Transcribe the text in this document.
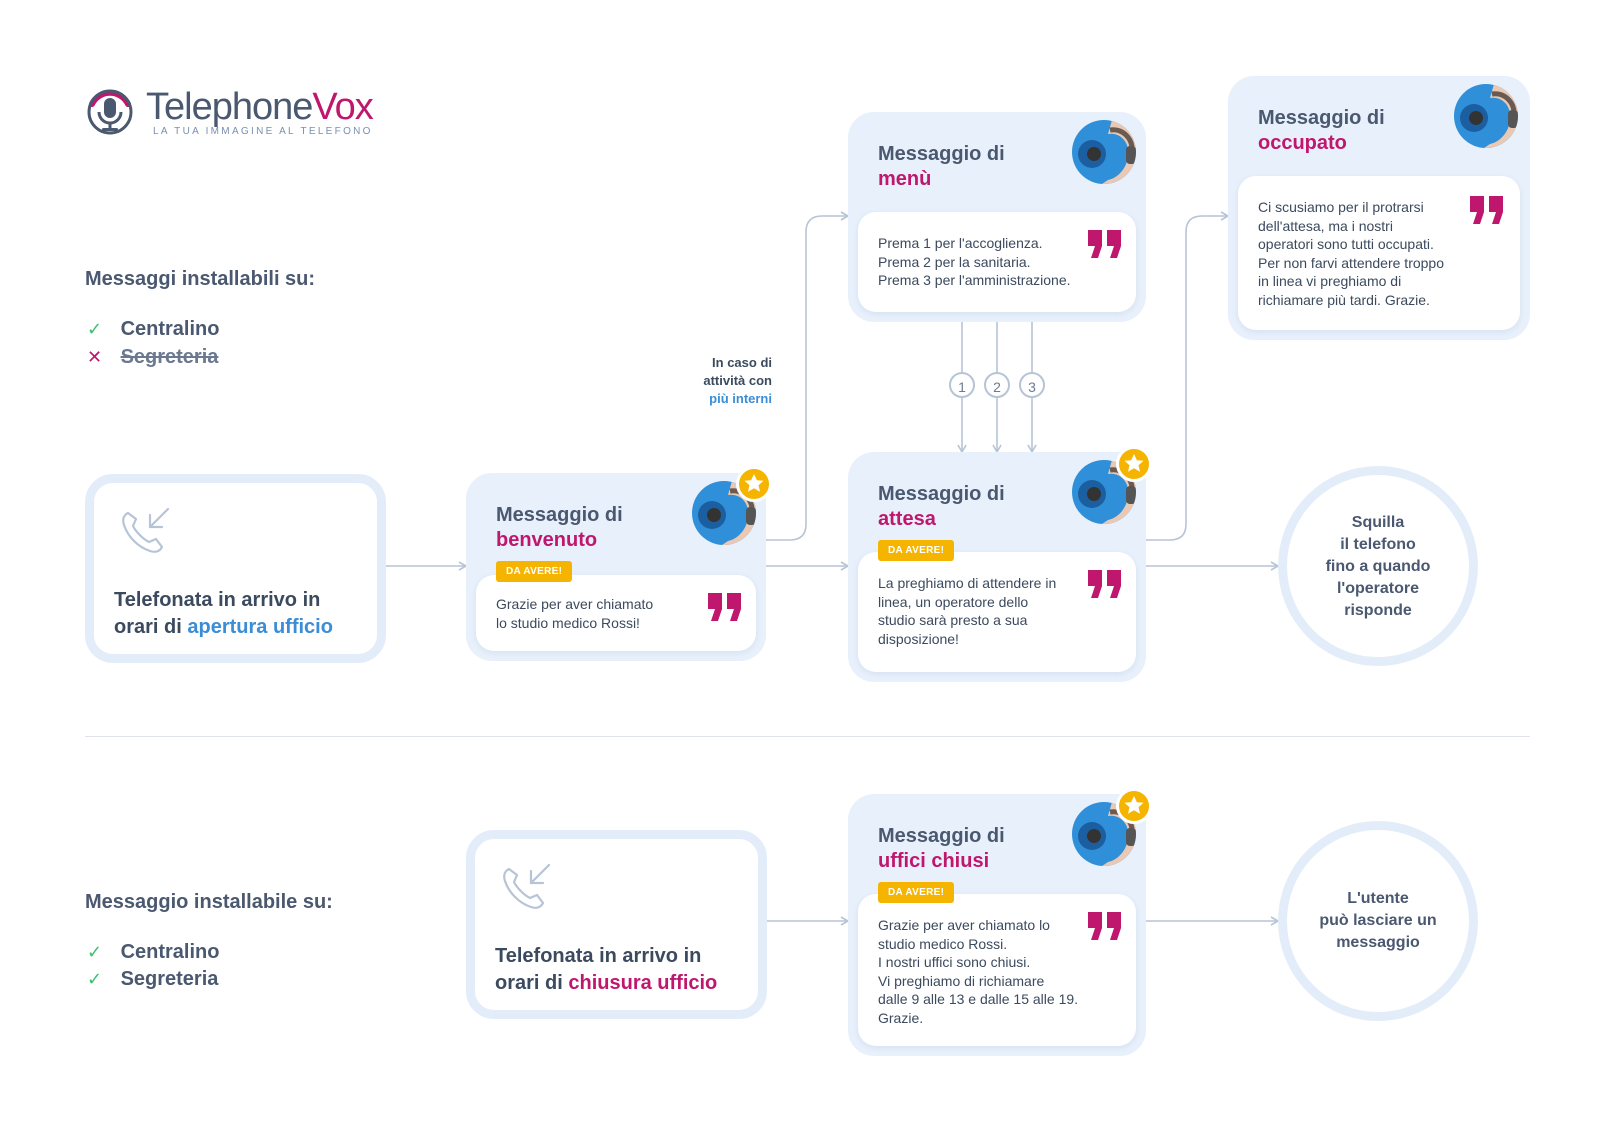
TelephoneVox
LA TUA IMMAGINE AL TELEFONO
Messaggi installabili su:
✓ Centralino
✕ Segreteria
Messaggio installabile su:
✓ Centralino
✓ Segreteria
Telefonata in arrivo in
orari di apertura ufficio
Telefonata in arrivo in
orari di chiusura ufficio
In caso di
attività con
più interni
Messaggio di
benvenuto
DA AVERE!
Grazie per aver chiamato
lo studio medico Rossi!
Messaggio di
menù
Prema 1 per l'accoglienza.
Prema 2 per la sanitaria.
Prema 3 per l'amministrazione.
Messaggio di
attesa
DA AVERE!
La preghiamo di attendere in
linea, un operatore dello
studio sarà presto a sua
disposizione!
Messaggio di
occupato
Ci scusiamo per il protrarsi
dell'attesa, ma i nostri
operatori sono tutti occupati.
Per non farvi attendere troppo
in linea vi preghiamo di
richiamare più tardi. Grazie.
Messaggio di
uffici chiusi
DA AVERE!
Grazie per aver chiamato lo
studio medico Rossi.
I nostri uffici sono chiusi.
Vi preghiamo di richiamare
dalle 9 alle 13 e dalle 15 alle 19.
Grazie.
1	2	3
Squilla
il telefono
fino a quando
l'operatore
risponde
L'utente
può lasciare un
messaggio
